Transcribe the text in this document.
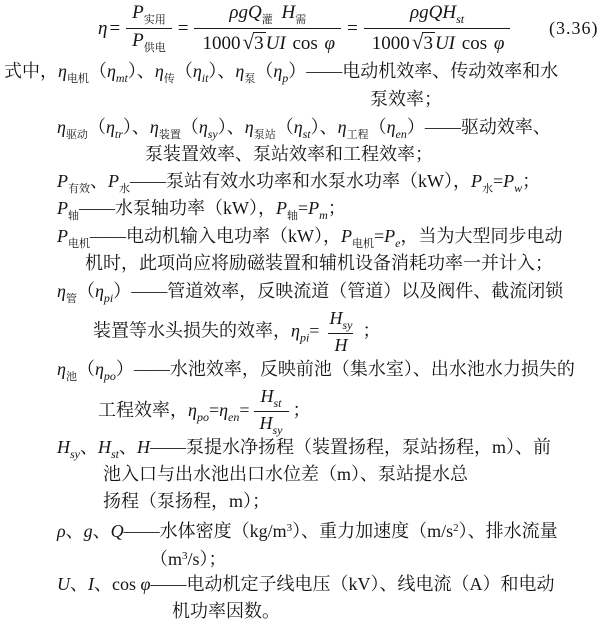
$\eta = \frac{P_{实用}}{P_{供电}} = \frac{\rho gQ_灌 H_需}{\text{1000√3 UI cos φ}} = \frac{\rho gQH_{st}}{\text{1000√3 UI cos φ}} (3.36)$
式中，$\eta_{电机}(\eta_{mt})$、$\eta_传(\eta_{it})$、$\eta_泵(\eta_p)——$电动机效率、传动效率和水
泵效率；
$\eta_{驱动}(\eta_{tr})$、$\eta_{装置}(\eta_{sy})$、$\eta_{泵站}(\eta_{st})$、$\eta_{工程}(\eta_{en})——$驱动效率、
泵装置效率、泵站效率和工程效率；
$P_{有效}$、$P_水——$泵站有效水功率和水泵水功率（kW），$P_水=P_w$；
$P_轴——$水泵轴功率（kW），$P_轴=P_m$；
$P_{电机}——$电动机输入电功率（kW），$P_{电机}=P_e$，当为大型同步电动
机时，此项尚应将励磁装置和辅机设备消耗功率一并计入；
$\eta_管(\eta_{pi})——$管道效率，反映流道（管道）以及阀件、截流闭锁
装置等水头损失的效率，$\eta_{pi}= \frac{H_{sy}}{H}$ ；
$\eta_池(\eta_{po})——$水池效率，反映前池（集水室）、出水池水力损失的
工程效率，$\eta_{po}=\eta_{en}= \frac{H_{st}}{H_{sy}}$ ；
$H_{sy}$、$H_{st}$、H——泵提水净扬程（装置扬程，泵站扬程，m）、前
池入口与出水池出口水位差（m）、泵站提水总
扬程（泵扬程，m）；
ρ、g、Q——水体密度$(kg/m^3)$、重力加速度$(m/s^2)$、排水流量
$(m^3/s)$；
U、I、cos φ——电动机定子线电压（kV）、线电流（A）和电动
机功率因数。
